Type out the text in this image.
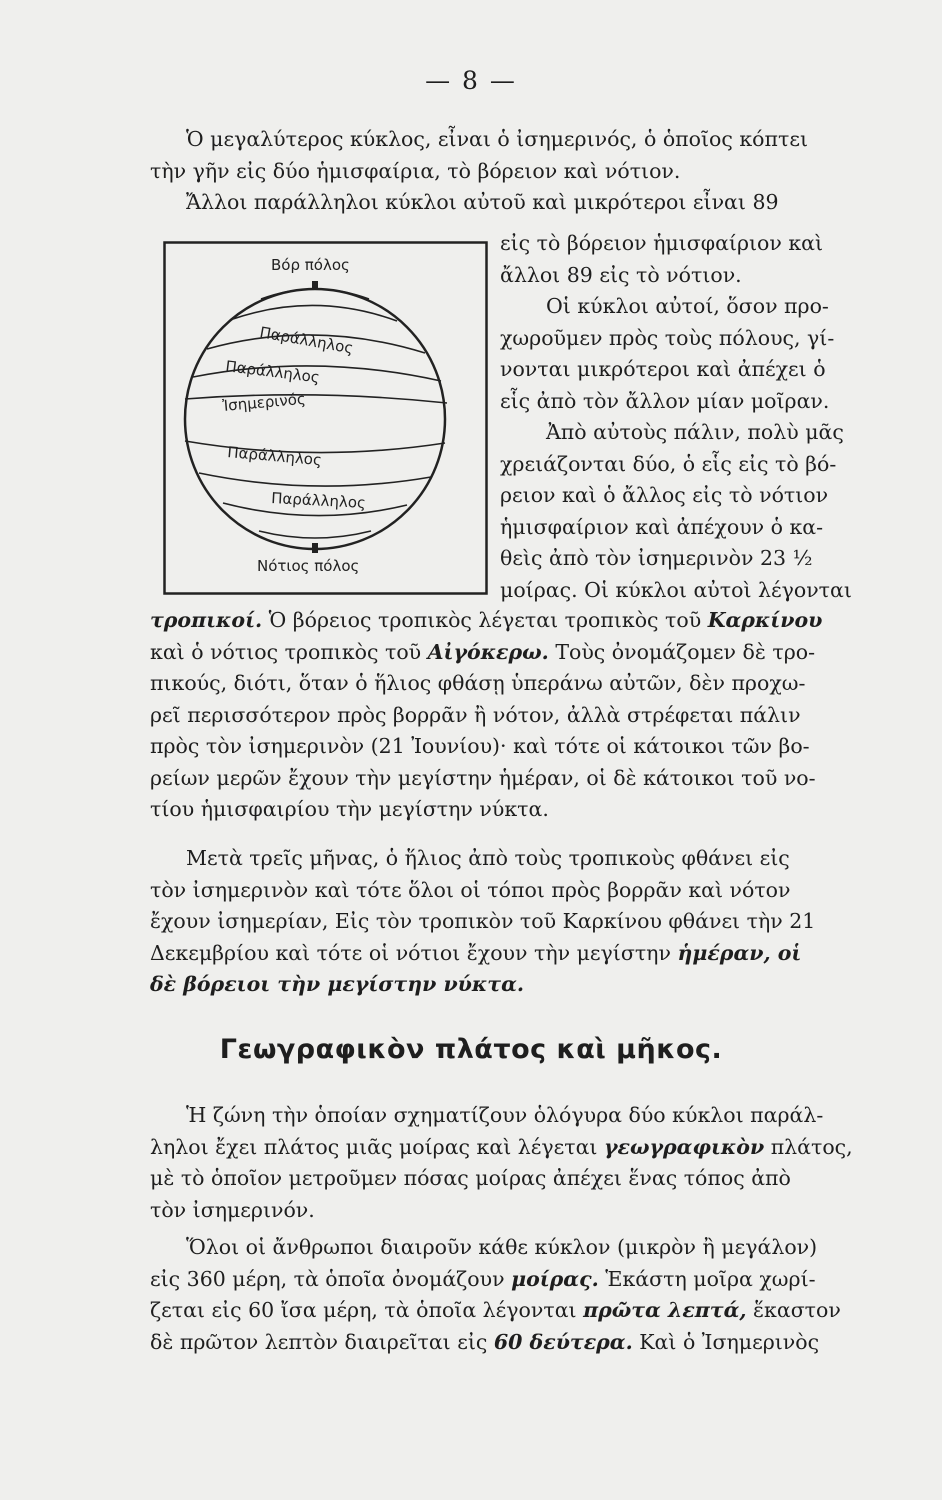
— 8 —
Ὁ μεγαλύτερος κύκλος, εἶναι ὁ ἰσημερινός, ὁ ὁποῖος κόπτει
τὴν γῆν εἰς δύο ἡμισφαίρια, τὸ βόρειον καὶ νότιον.
Ἄλλοι παράλληλοι κύκλοι αὐτοῦ καὶ μικρότεροι εἶναι 89
εἰς τὸ βόρειον ἡμισφαίριον καὶ
ἄλλοι 89 εἰς τὸ νότιον.
Οἱ κύκλοι αὐτοί, ὅσον προ-
χωροῦμεν πρὸς τοὺς πόλους, γί-
νονται μικρότεροι καὶ ἀπέχει ὁ
εἷς ἀπὸ τὸν ἄλλον μίαν μοῖραν.
Ἀπὸ αὐτοὺς πάλιν, πολὺ μᾶς
χρειάζονται δύο, ὁ εἷς εἰς τὸ βό-
ρειον καὶ ὁ ἄλλος εἰς τὸ νότιον
ἡμισφαίριον καὶ ἀπέχουν ὁ κα-
θεὶς ἀπὸ τὸν ἰσημερινὸν 23 ½
μοίρας. Οἱ κύκλοι αὐτοὶ λέγονται
Βόρ πόλος
Παράλληλος
Παράλληλος
Ἰσημερινός
Παράλληλος
Παράλληλος
Νότιος πόλος
τροπικοί. Ὁ βόρειος τροπικὸς λέγεται τροπικὸς τοῦ Καρκίνου
καὶ ὁ νότιος τροπικὸς τοῦ Αἰγόκερω. Τοὺς ὀνομάζομεν δὲ τρο-
πικούς, διότι, ὅταν ὁ ἥλιος φθάσῃ ὑπεράνω αὐτῶν, δὲν προχω-
ρεῖ περισσότερον πρὸς βορρᾶν ἢ νότον, ἀλλὰ στρέφεται πάλιν
πρὸς τὸν ἰσημερινὸν (21 Ἰουνίου)· καὶ τότε οἱ κάτοικοι τῶν βο-
ρείων μερῶν ἔχουν τὴν μεγίστην ἡμέραν, οἱ δὲ κάτοικοι τοῦ νο-
τίου ἡμισφαιρίου τὴν μεγίστην νύκτα.
Μετὰ τρεῖς μῆνας, ὁ ἥλιος ἀπὸ τοὺς τροπικοὺς φθάνει εἰς
τὸν ἰσημερινὸν καὶ τότε ὅλοι οἱ τόποι πρὸς βορρᾶν καὶ νότον
ἔχουν ἰσημερίαν, Εἰς τὸν τροπικὸν τοῦ Καρκίνου φθάνει τὴν 21
Δεκεμβρίου καὶ τότε οἱ νότιοι ἔχουν τὴν μεγίστην ἡμέραν, οἱ
δὲ βόρειοι τὴν μεγίστην νύκτα.
Γεωγραφικὸν πλάτος καὶ μῆκος.
Ἡ ζώνη τὴν ὁποίαν σχηματίζουν ὁλόγυρα δύο κύκλοι παράλ-
ληλοι ἔχει πλάτος μιᾶς μοίρας καὶ λέγεται γεωγραφικὸν πλάτος,
μὲ τὸ ὁποῖον μετροῦμεν πόσας μοίρας ἀπέχει ἕνας τόπος ἀπὸ
τὸν ἰσημερινόν.
Ὅλοι οἱ ἄνθρωποι διαιροῦν κάθε κύκλον (μικρὸν ἢ μεγάλον)
εἰς 360 μέρη, τὰ ὁποῖα ὀνομάζουν μοίρας. Ἑκάστη μοῖρα χωρί-
ζεται εἰς 60 ἴσα μέρη, τὰ ὁποῖα λέγονται πρῶτα λεπτά, ἕκαστον
δὲ πρῶτον λεπτὸν διαιρεῖται εἰς 60 δεύτερα. Καὶ ὁ Ἰσημερινὸς
